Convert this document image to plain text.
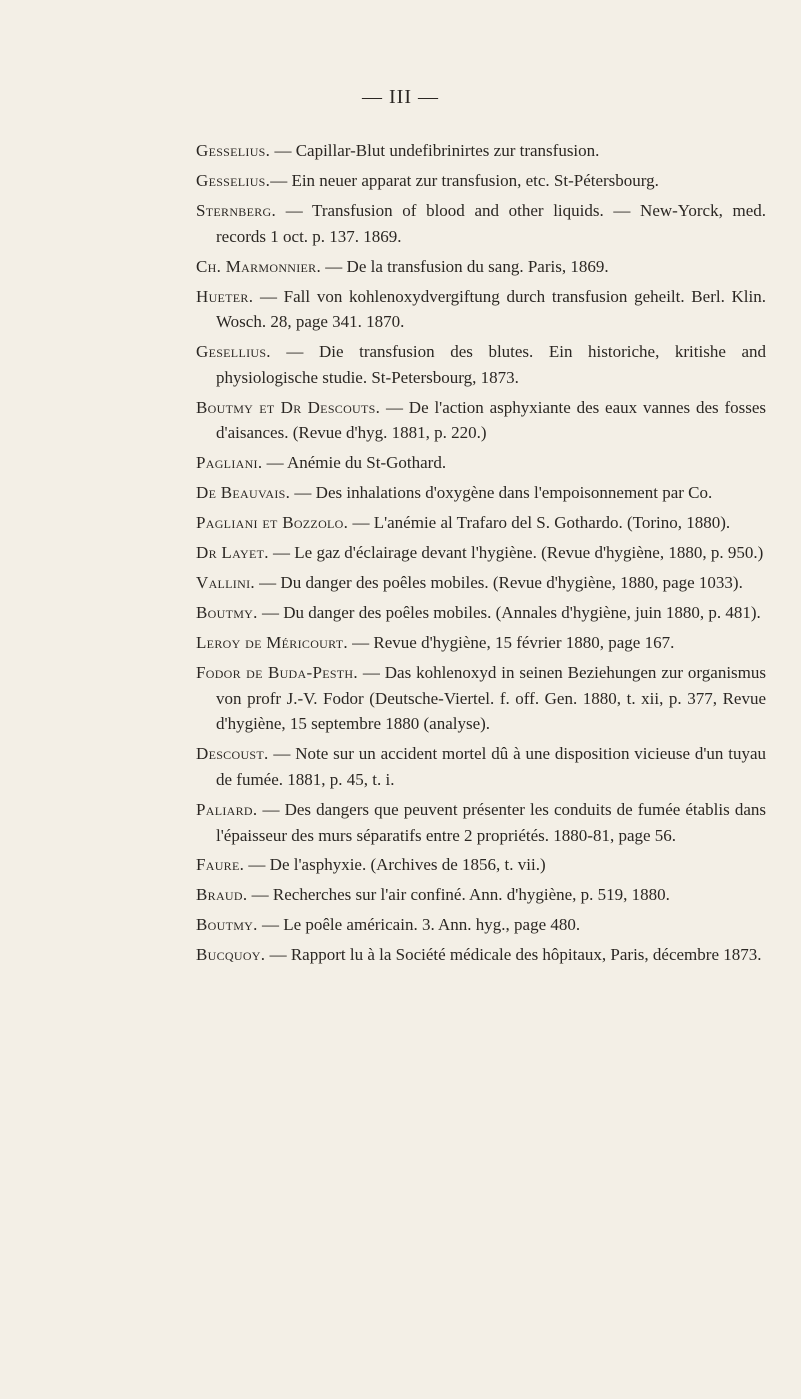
— III —
Gesselius. — Capillar-Blut undefibrinirtes zur transfusion.
Gesselius.— Ein neuer apparat zur transfusion, etc. St-Pétersbourg.
Sternberg. — Transfusion of blood and other liquids. — New-Yorck, med. records 1 oct. p. 137. 1869.
Ch. Marmonnier. — De la transfusion du sang. Paris, 1869.
Hueter. — Fall von kohlenoxydvergiftung durch transfusion geheilt. Berl. Klin. Wosch. 28, page 341. 1870.
Gesellius. — Die transfusion des blutes. Ein historiche, kritishe and physiologische studie. St-Petersbourg, 1873.
Boutmy et Dr Descouts. — De l'action asphyxiante des eaux vannes des fosses d'aisances. (Revue d'hyg. 1881, p. 220.)
Pagliani. — Anémie du St-Gothard.
De Beauvais. — Des inhalations d'oxygène dans l'empoisonnement par Co.
Pagliani et Bozzolo. — L'anémie al Trafaro del S. Gothardo. (Torino, 1880).
Dr Layet. — Le gaz d'éclairage devant l'hygiène. (Revue d'hygiène, 1880, p. 950.)
Vallini. — Du danger des poêles mobiles. (Revue d'hygiène, 1880, page 1033).
Boutmy. — Du danger des poêles mobiles. (Annales d'hygiène, juin 1880, p. 481).
Leroy de Méricourt. — Revue d'hygiène, 15 février 1880, page 167.
Fodor de Buda-Pesth. — Das kohlenoxyd in seinen Beziehungen zur organismus von profr J.-V. Fodor (Deutsche-Viertel. f. off. Gen. 1880, t. xii, p. 377, Revue d'hygiène, 15 septembre 1880 (analyse).
Descoust. — Note sur un accident mortel dû à une disposition vicieuse d'un tuyau de fumée. 1881, p. 45, t. i.
Paliard. — Des dangers que peuvent présenter les conduits de fumée établis dans l'épaisseur des murs séparatifs entre 2 propriétés. 1880-81, page 56.
Faure. — De l'asphyxie. (Archives de 1856, t. vii.)
Braud. — Recherches sur l'air confiné. Ann. d'hygiène, p. 519, 1880.
Boutmy. — Le poêle américain. 3. Ann. hyg., page 480.
Bucquoy. — Rapport lu à la Société médicale des hôpitaux, Paris, décembre 1873.
